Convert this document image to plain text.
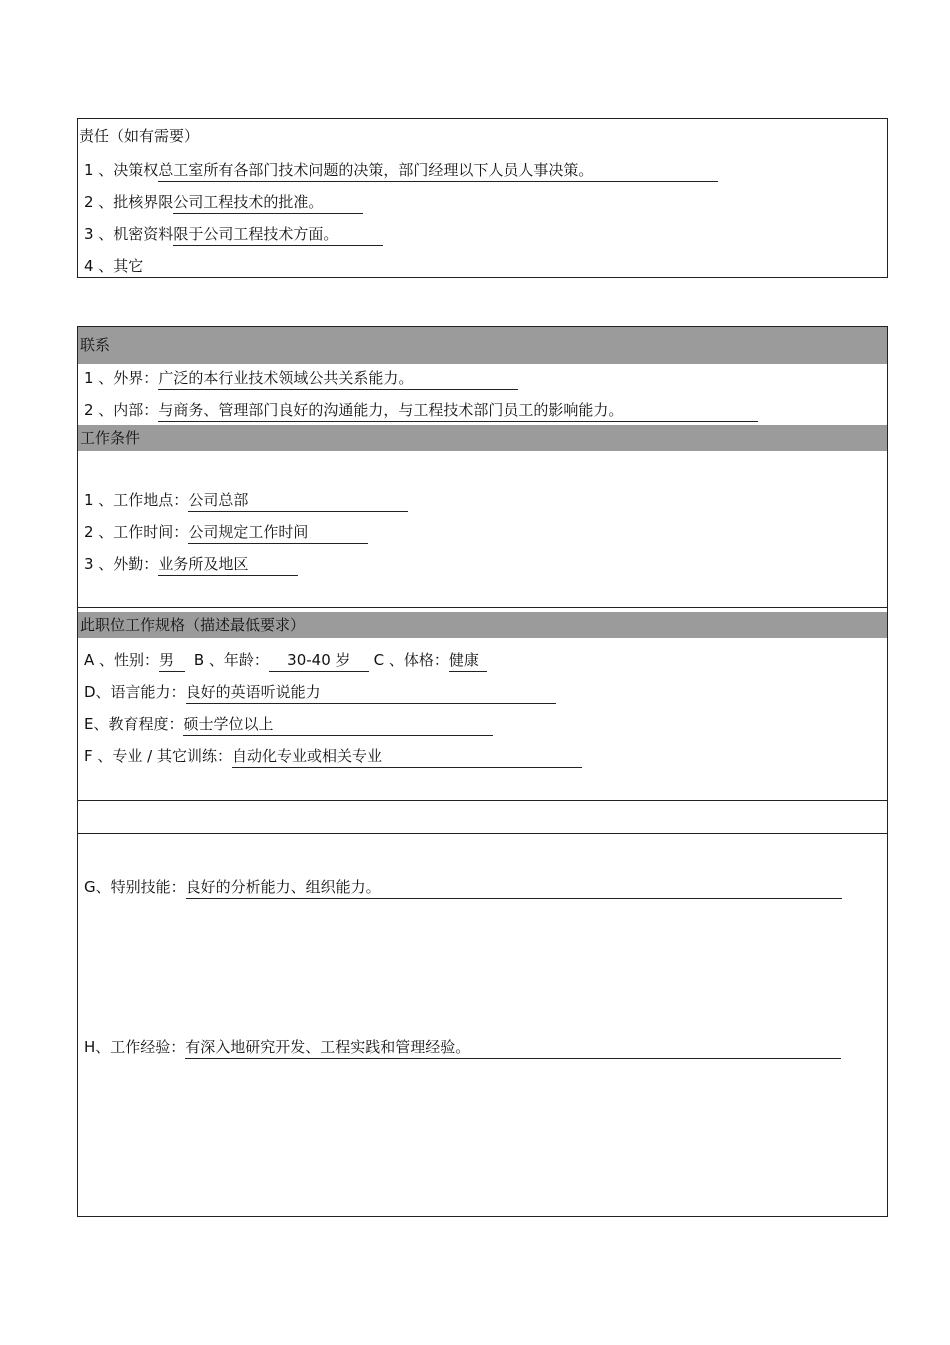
责任（如有需要）
1 、决策权总工室所有各部门技术问题的决策，部门经理以下人员人事决策。
2 、批核界限公司工程技术的批准。
3 、机密资料限于公司工程技术方面。
4 、其它
联系
1 、外界：广泛的本行业技术领域公共关系能力。
2 、内部：与商务、管理部门良好的沟通能力，与工程技术部门员工的影响能力。
工作条件
1 、工作地点：公司总部
2 、工作时间：公司规定工作时间
3 、外勤：业务所及地区
此职位工作规格（描述最低要求）
A 、性别：男 B 、年龄： 30-40 岁 C 、体格：健康
D、语言能力：良好的英语听说能力
E、教育程度：硕士学位以上
F 、专业 / 其它训练：自动化专业或相关专业
G、特别技能：良好的分析能力、组织能力。
H、工作经验：有深入地研究开发、工程实践和管理经验。
